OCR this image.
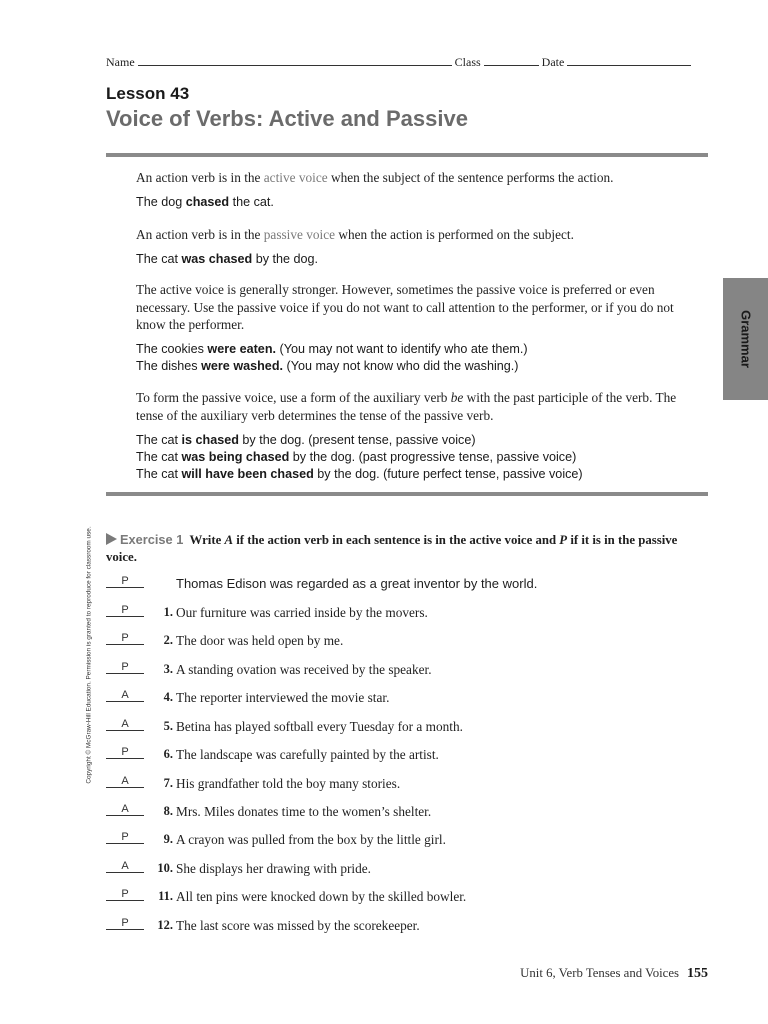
Name	Class	Date
Lesson 43
Voice of Verbs: Active and Passive
An action verb is in the active voice when the subject of the sentence performs the action.
The dog chased the cat.
An action verb is in the passive voice when the action is performed on the subject.
The cat was chased by the dog.
The active voice is generally stronger. However, sometimes the passive voice is preferred or even necessary. Use the passive voice if you do not want to call attention to the performer, or if you do not know the performer.
The cookies were eaten. (You may not want to identify who ate them.)
The dishes were washed. (You may not know who did the washing.)
To form the passive voice, use a form of the auxiliary verb be with the past participle of the verb. The tense of the auxiliary verb determines the tense of the passive verb.
The cat is chased by the dog. (present tense, passive voice)
The cat was being chased by the dog. (past progressive tense, passive voice)
The cat will have been chased by the dog. (future perfect tense, passive voice)
Grammar
Copyright © McGraw-Hill Education. Permission is granted to reproduce for classroom use.	Exercise 1 Write A if the action verb in each sentence is in the active voice and P if it is in the passive voice.
P	Thomas Edison was regarded as a great inventor by the world.
P	1. Our furniture was carried inside by the movers.
P	2. The door was held open by me.
P	3. A standing ovation was received by the speaker.
A	4. The reporter interviewed the movie star.
A	5. Betina has played softball every Tuesday for a month.
P	6. The landscape was carefully painted by the artist.
A	7. His grandfather told the boy many stories.
A	8. Mrs. Miles donates time to the women’s shelter.
P	9. A crayon was pulled from the box by the little girl.
A	10. She displays her drawing with pride.
P	11. All ten pins were knocked down by the skilled bowler.
P	12. The last score was missed by the scorekeeper.
Unit 6, Verb Tenses and Voices 155
